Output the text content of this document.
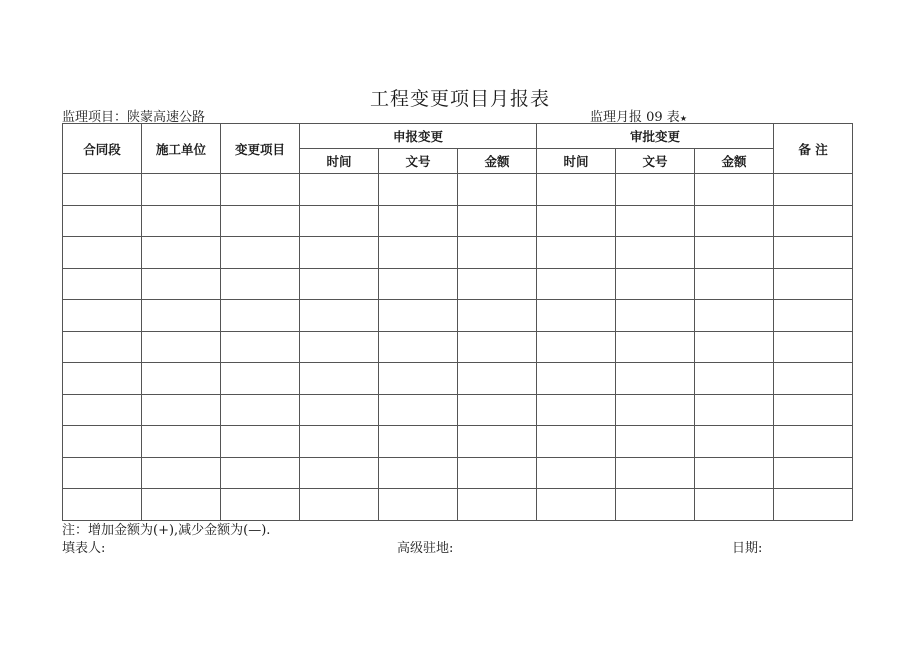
工程变更项目月报表
监理项目：陕蒙高速公路	监理月报 09 表★
合同段	施工单位	变更项目	申报变更			审批变更			备 注
			时间	文号	金额	时间	文号	金额	

注：增加金额为(+),减少金额为(—).
填表人:	高级驻地:	日期:
